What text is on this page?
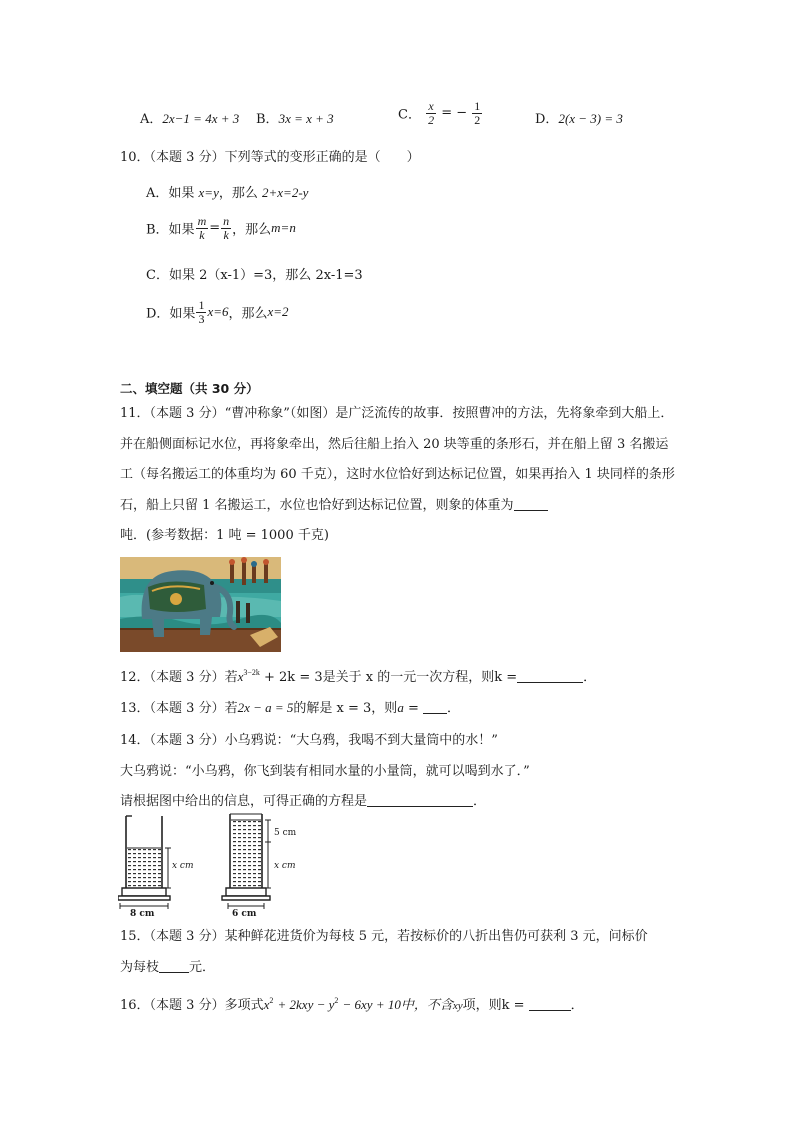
A．2x−1 = 4x + 3 B．3x = x + 3	C． $\frac{x}{2}$ = − $\frac{1}{2}$	D．2(x − 3) = 3
10．（本题 3 分）下列等式的变形正确的是（　　）
A．如果 x=y，那么 2+x=2-y
B．如果 $\frac{m}{k} = \frac{n}{k}$ ，那么m=n
C．如果 2（x-1）=3，那么 2x-1=3
D．如果 $\frac{1}{3} x=6$，那么x=2
二、填空题（共 30 分）
11．（本题 3 分）“曹冲称象”（如图）是广泛流传的故事．按照曹冲的方法，先将象牵到大船上．并在船侧面标记水位，再将象牵出，然后往船上抬入 20 块等重的条形石，并在船上留 3 名搬运工（每名搬运工的体重均为 60 千克），这时水位恰好到达标记位置，如果再抬入 1 块同样的条形石，船上只留 1 名搬运工，水位也恰好到达标记位置，则象的体重为
吨．(参考数据：1 吨 = 1000 千克)
12．（本题 3 分）若$x^{3-2k} + 2k = 3$是关于 x 的一元一次方程，则k =	．
13．（本题 3 分）若2x − a = 5的解是 x = 3，则a = ．
14．（本题 3 分）小乌鸦说：“大乌鸦，我喝不到大量筒中的水！”
大乌鸦说：“小乌鸦，你飞到装有相同水量的小量筒，就可以喝到水了．”
请根据图中给出的信息，可得正确的方程是	．
x cm
8 cm
5 cm
x cm
6 cm
15．（本题 3 分）某种鲜花进货价为每枝 5 元，若按标价的八折出售仍可获利 3 元，问标价
为每枝 元．
16．（本题 3 分）多项式$x^2 + 2kxy - y^2 - 6xy + 10$中，不含xy项，则k =	．
